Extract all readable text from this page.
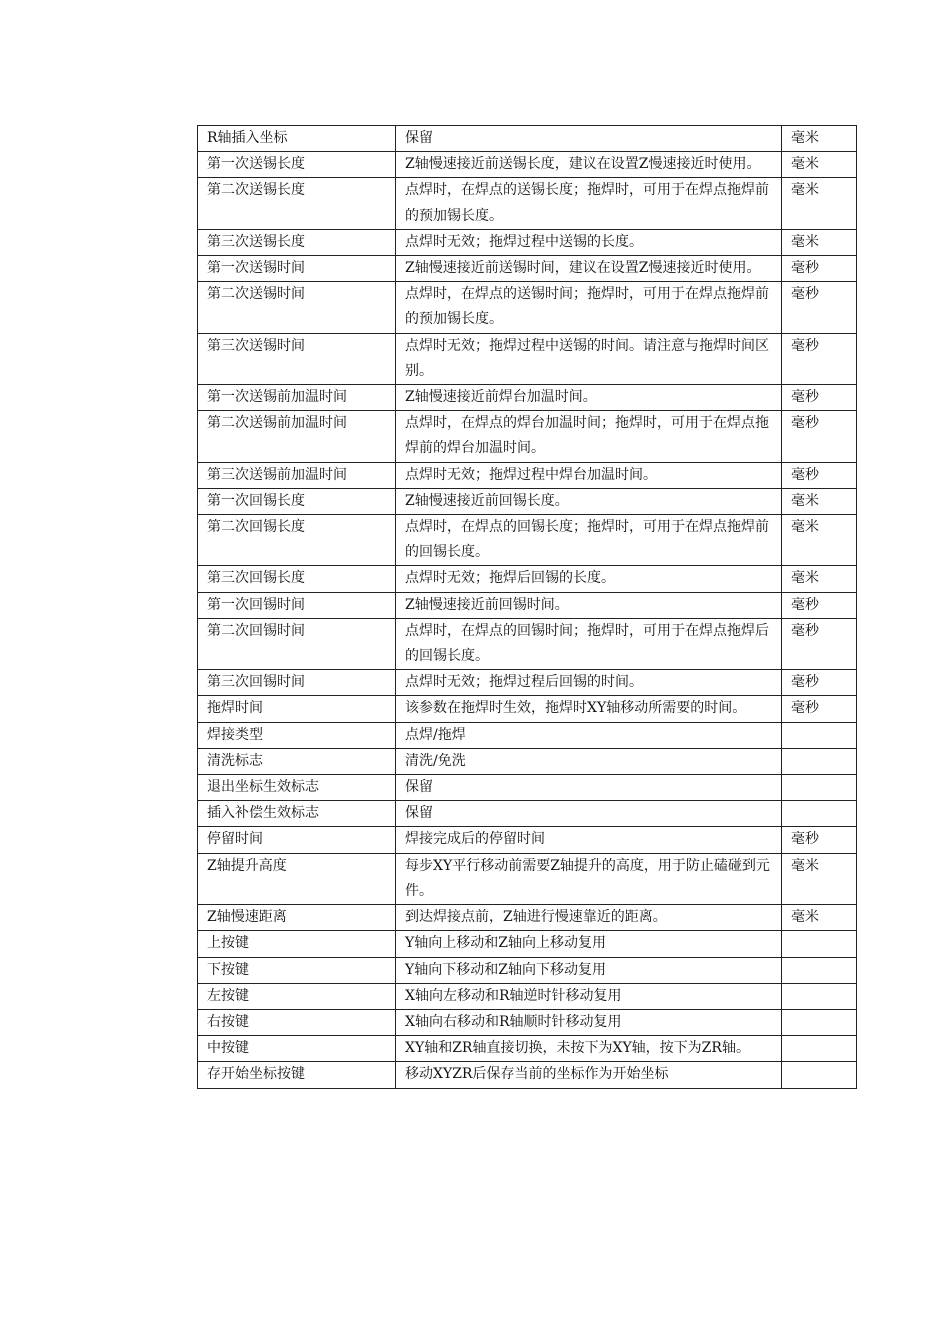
R轴插入坐标	保留	毫米
第一次送锡长度	Z轴慢速接近前送锡长度，建议在设置Z慢速接近时使用。	毫米
第二次送锡长度	点焊时，在焊点的送锡长度；拖焊时，可用于在焊点拖焊前的预加锡长度。	毫米
第三次送锡长度	点焊时无效；拖焊过程中送锡的长度。	毫米
第一次送锡时间	Z轴慢速接近前送锡时间，建议在设置Z慢速接近时使用。	毫秒
第二次送锡时间	点焊时，在焊点的送锡时间；拖焊时，可用于在焊点拖焊前的预加锡长度。	毫秒
第三次送锡时间	点焊时无效；拖焊过程中送锡的时间。请注意与拖焊时间区别。	毫秒
第一次送锡前加温时间	Z轴慢速接近前焊台加温时间。	毫秒
第二次送锡前加温时间	点焊时，在焊点的焊台加温时间；拖焊时，可用于在焊点拖焊前的焊台加温时间。	毫秒
第三次送锡前加温时间	点焊时无效；拖焊过程中焊台加温时间。	毫秒
第一次回锡长度	Z轴慢速接近前回锡长度。	毫米
第二次回锡长度	点焊时，在焊点的回锡长度；拖焊时，可用于在焊点拖焊前的回锡长度。	毫米
第三次回锡长度	点焊时无效；拖焊后回锡的长度。	毫米
第一次回锡时间	Z轴慢速接近前回锡时间。	毫秒
第二次回锡时间	点焊时，在焊点的回锡时间；拖焊时，可用于在焊点拖焊后的回锡长度。	毫秒
第三次回锡时间	点焊时无效；拖焊过程后回锡的时间。	毫秒
拖焊时间	该参数在拖焊时生效，拖焊时XY轴移动所需要的时间。	毫秒
焊接类型	点焊/拖焊	
清洗标志	清洗/免洗	
退出坐标生效标志	保留	
插入补偿生效标志	保留	
停留时间	焊接完成后的停留时间	毫秒
Z轴提升高度	每步XY平行移动前需要Z轴提升的高度，用于防止磕碰到元件。	毫米
Z轴慢速距离	到达焊接点前，Z轴进行慢速靠近的距离。	毫米
上按键	Y轴向上移动和Z轴向上移动复用	
下按键	Y轴向下移动和Z轴向下移动复用	
左按键	X轴向左移动和R轴逆时针移动复用	
右按键	X轴向右移动和R轴顺时针移动复用	
中按键	XY轴和ZR轴直接切换，未按下为XY轴，按下为ZR轴。	
存开始坐标按键	移动XYZR后保存当前的坐标作为开始坐标	
